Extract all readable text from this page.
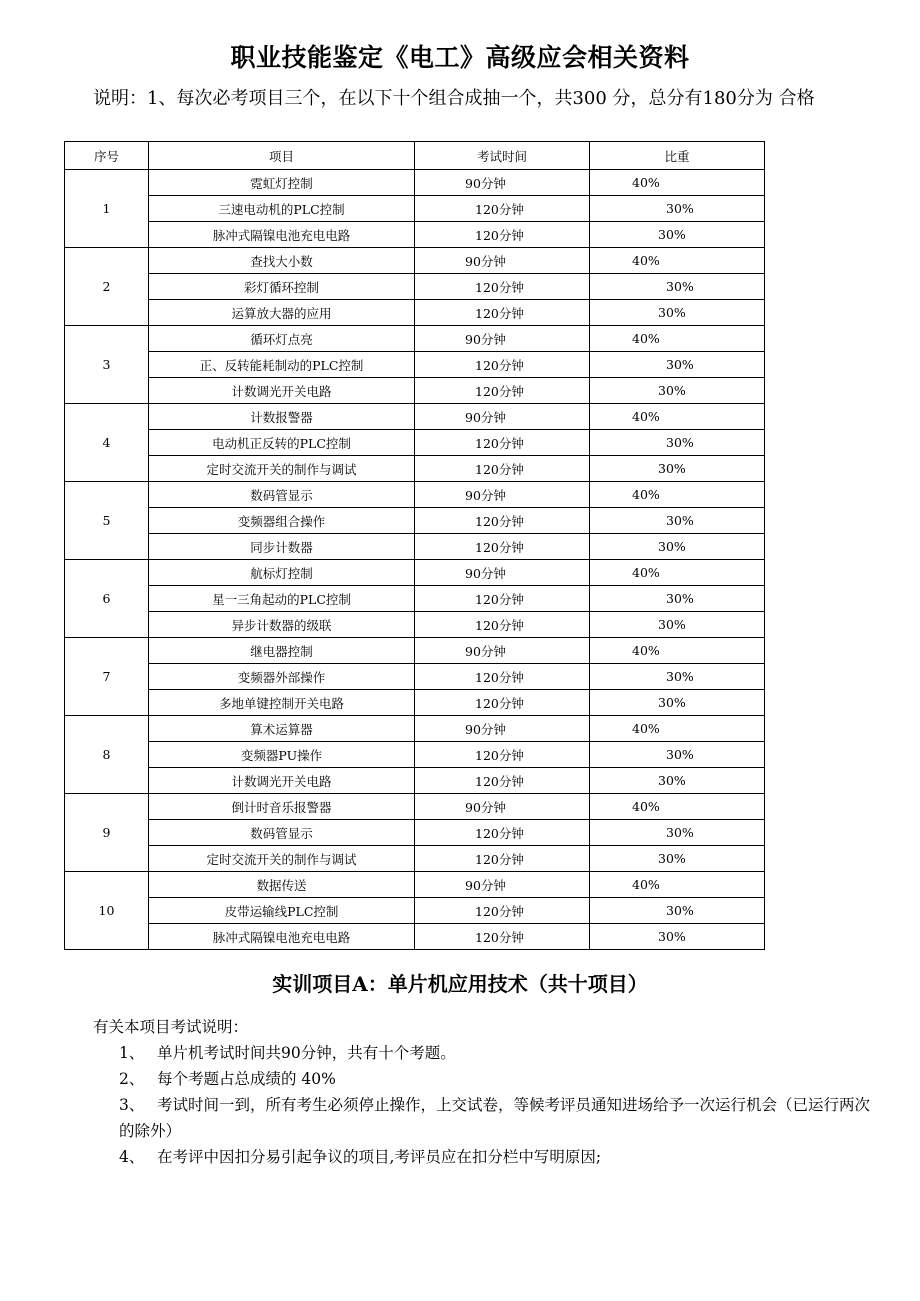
职业技能鉴定《电工》高级应会相关资料
说明：1、每次必考项目三个，在以下十个组合成抽一个，共300 分，总分有180分为 合格
序号	项目	考试时间	比重
1	霓虹灯控制	90分钟	40%
	三速电动机的PLC控制	120分钟	30%
	脉冲式隔镍电池充电电路	120分钟	30%
2	查找大小数	90分钟	40%
	彩灯循环控制	120分钟	30%
	运算放大器的应用	120分钟	30%
3	循环灯点亮	90分钟	40%
	正、反转能耗制动的PLC控制	120分钟	30%
	计数调光开关电路	120分钟	30%
4	计数报警器	90分钟	40%
	电动机正反转的PLC控制	120分钟	30%
	定时交流开关的制作与调试	120分钟	30%
5	数码管显示	90分钟	40%
	变频器组合操作	120分钟	30%
	同步计数器	120分钟	30%
6	航标灯控制	90分钟	40%
	星一三角起动的PLC控制	120分钟	30%
	异步计数器的级联	120分钟	30%
7	继电器控制	90分钟	40%
	变频器外部操作	120分钟	30%
	多地单键控制开关电路	120分钟	30%
8	算术运算器	90分钟	40%
	变频器PU操作	120分钟	30%
	计数调光开关电路	120分钟	30%
9	倒计时音乐报警器	90分钟	40%
	数码管显示	120分钟	30%
	定时交流开关的制作与调试	120分钟	30%
10	数据传送	90分钟	40%
	皮带运输线PLC控制	120分钟	30%
	脉冲式隔镍电池充电电路	120分钟	30%
实训项目A：单片机应用技术（共十项目）
有关本项目考试说明：
1、 单片机考试时间共90分钟，共有十个考题。
2、 每个考题占总成绩的 40%
3、 考试时间一到，所有考生必须停止操作，上交试卷，等候考评员通知进场给予一次运行机会（已运行两次的除外）
4、 在考评中因扣分易引起争议的项目,考评员应在扣分栏中写明原因;
